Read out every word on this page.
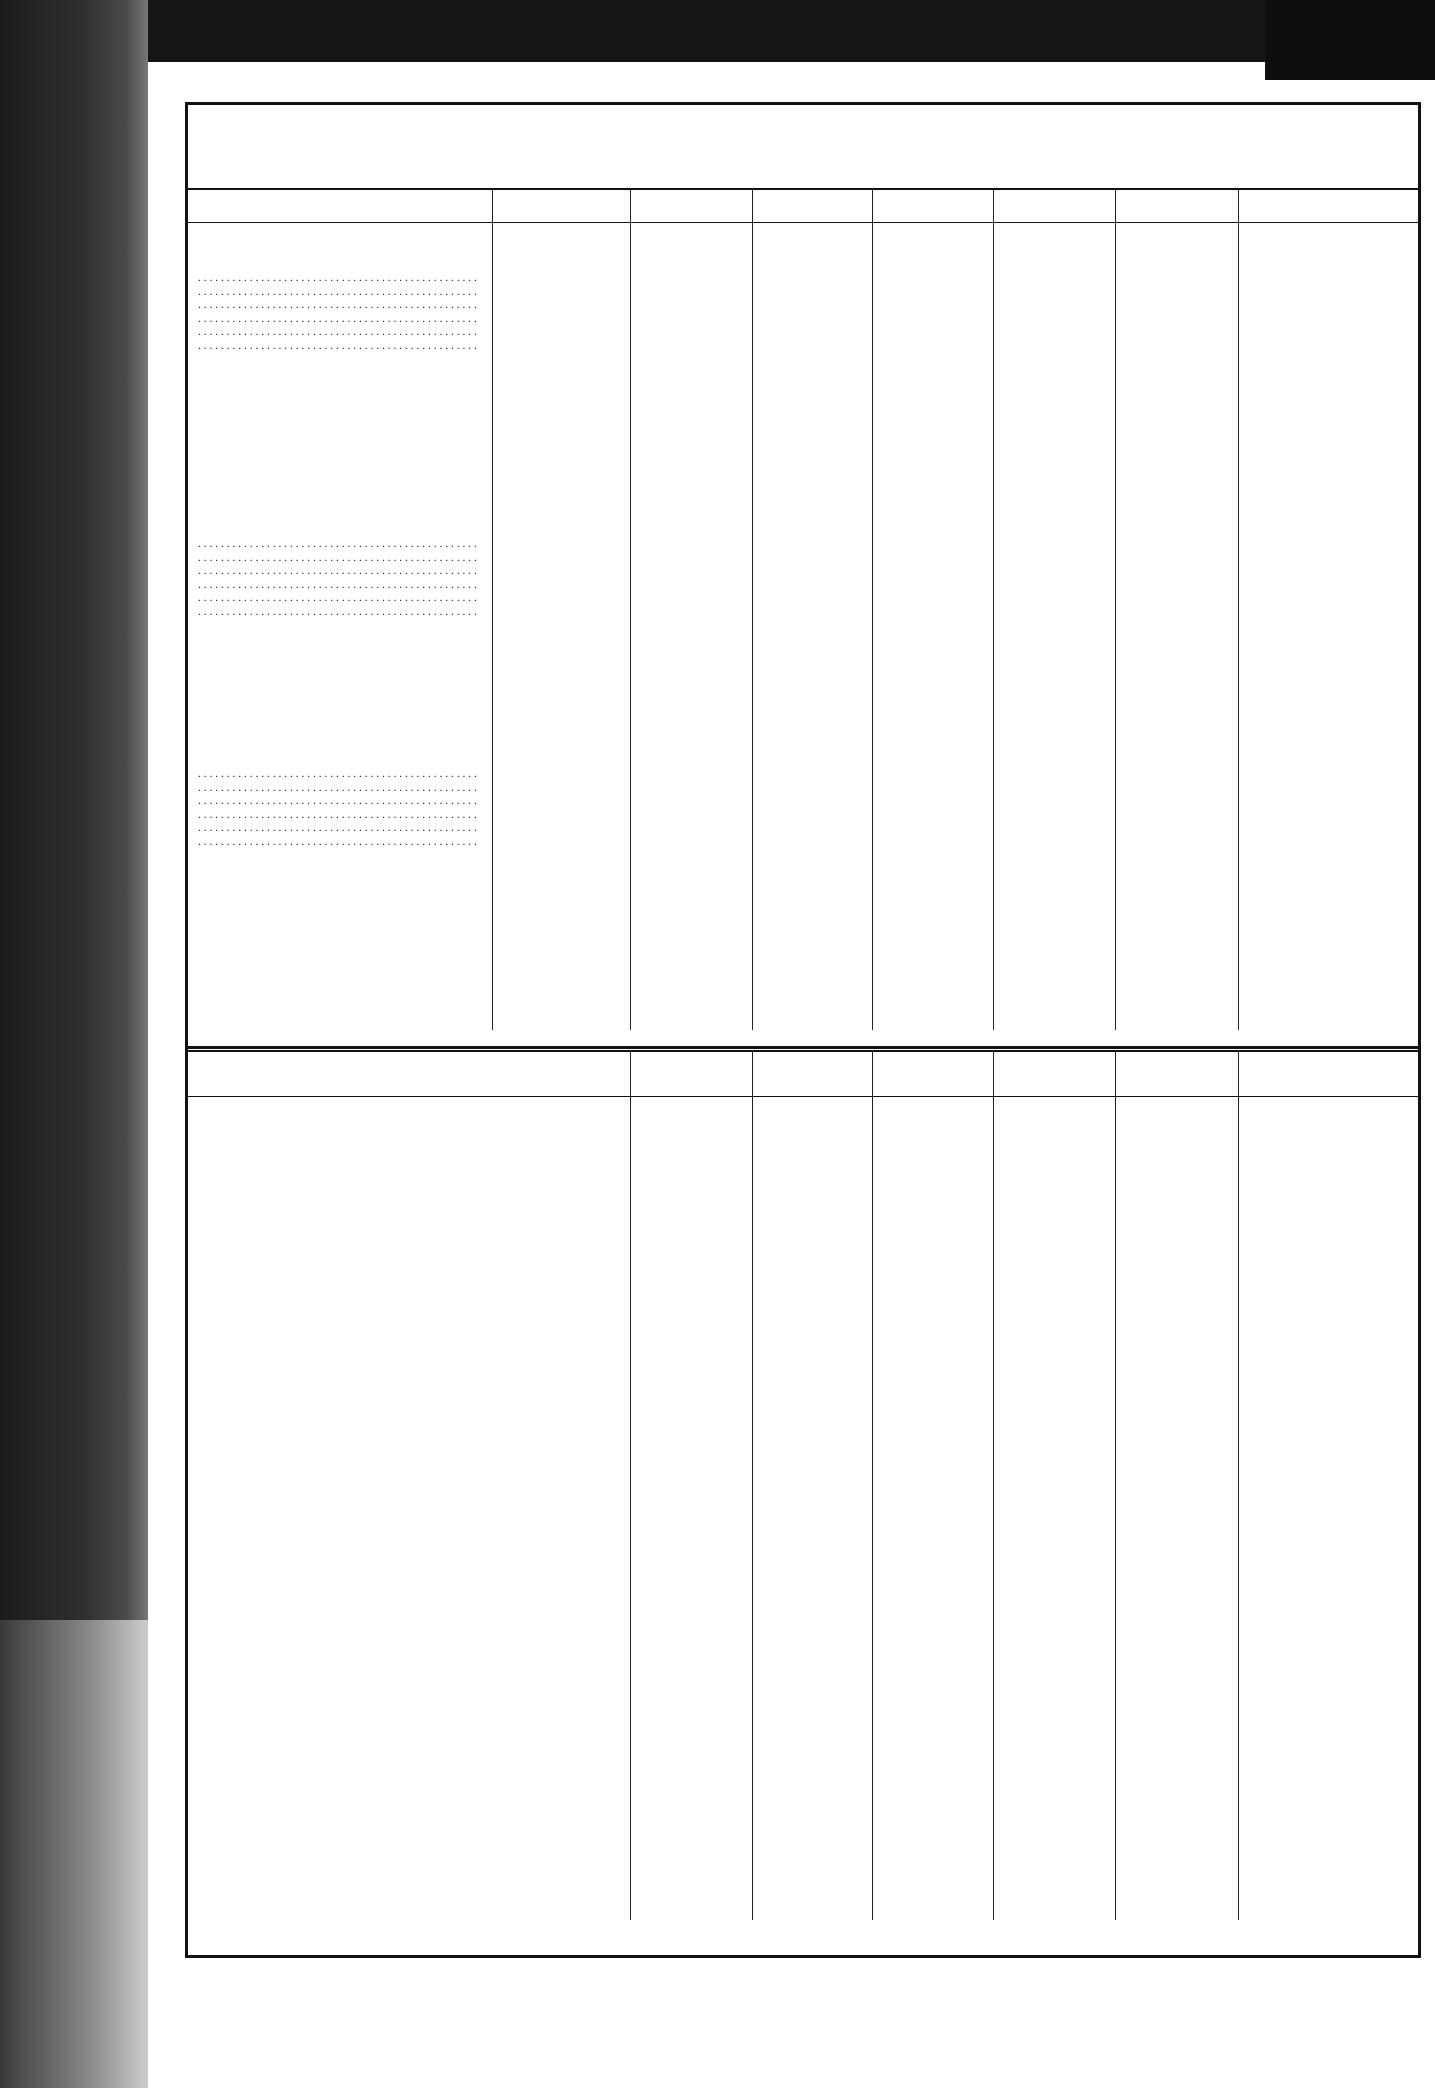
. . .
. . .
. . .
. . .
. . .
. . .
. . .
. . .
. . .
. . .
. . .
. . .
. . .
. . .
. . .
. . .
. . .
. . .
